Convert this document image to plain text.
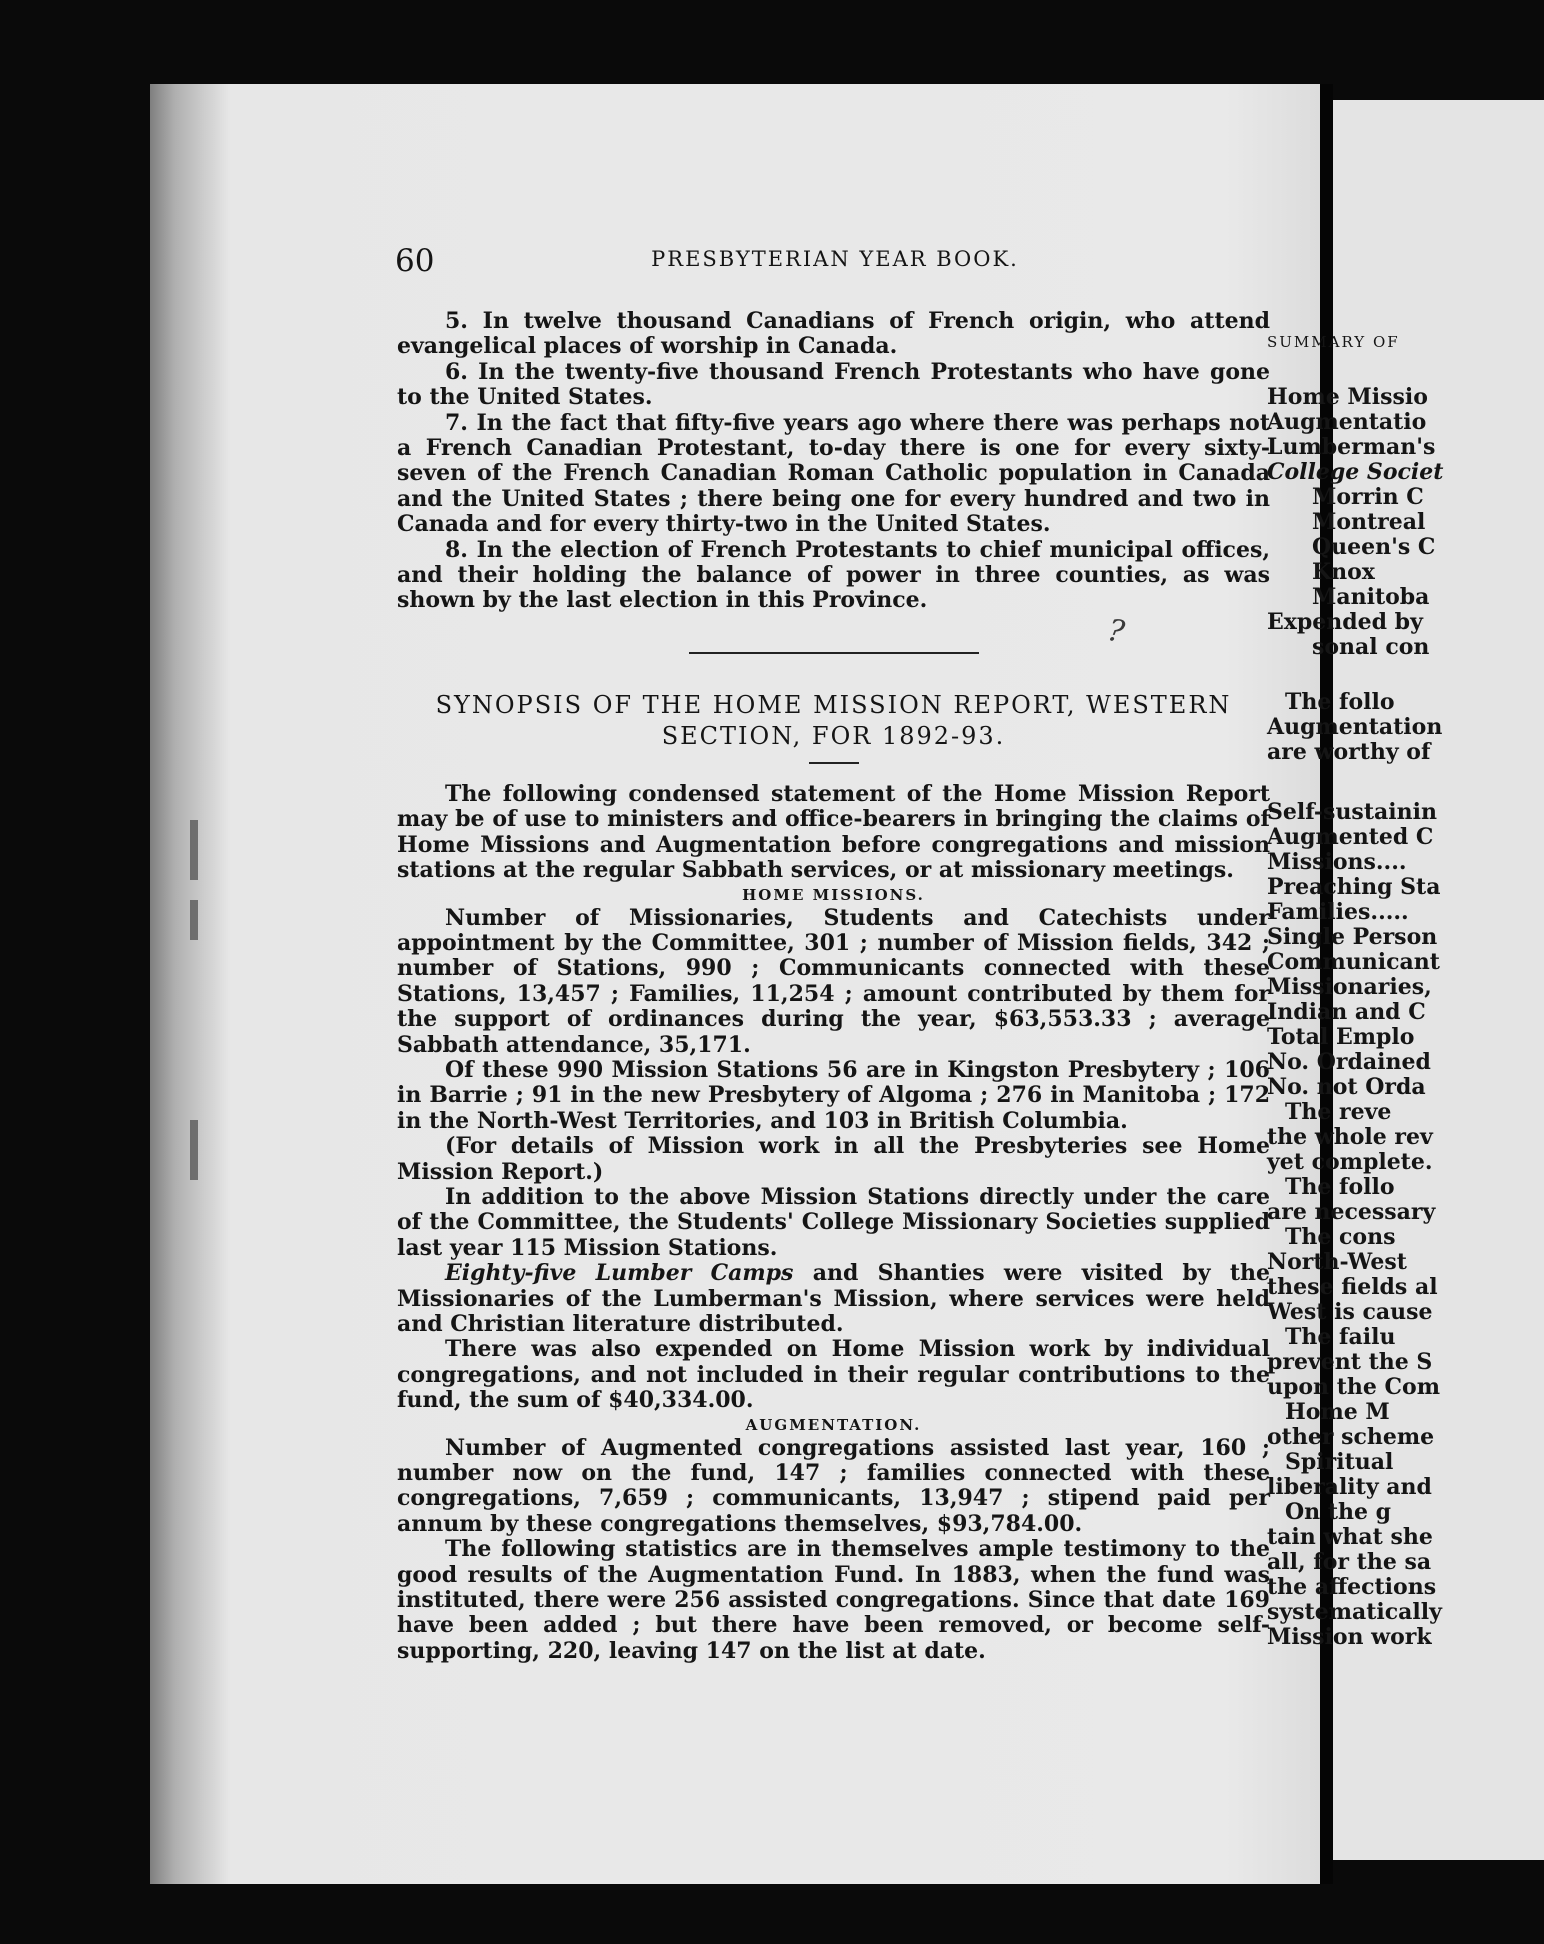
60	PRESBYTERIAN YEAR BOOK.
?

5. In twelve thousand Canadians of French origin, who attend evangelical places of worship in Canada.

6. In the twenty-five thousand French Protestants who have gone to the United States.

7. In the fact that fifty-five years ago where there was perhaps not a French Canadian Protestant, to-day there is one for every sixty-seven of the French Canadian Roman Catholic population in Canada and the United States ; there being one for every hundred and two in Canada and for every thirty-two in the United States.

8. In the election of French Protestants to chief municipal offices, and their holding the balance of power in three counties, as was shown by the last election in this Province.

SYNOPSIS OF THE HOME MISSION REPORT, WESTERN

SECTION, FOR 1892-93.

The following condensed statement of the Home Mission Report may be of use to ministers and office-bearers in bringing the claims of Home Missions and Augmentation before congregations and mission stations at the regular Sabbath services, or at missionary meetings.

HOME MISSIONS.

Number of Missionaries, Students and Catechists under appointment by the Committee, 301 ; number of Mission fields, 342 ; number of Stations, 990 ; Communicants connected with these Stations, 13,457 ; Families, 11,254 ; amount contributed by them for the support of ordinances during the year, $63,553.33 ; average Sabbath attendance, 35,171.

Of these 990 Mission Stations 56 are in Kingston Presbytery ; 106 in Barrie ; 91 in the new Presbytery of Algoma ; 276 in Manitoba ; 172 in the North-West Territories, and 103 in British Columbia.

(For details of Mission work in all the Presbyteries see Home Mission Report.)

In addition to the above Mission Stations directly under the care of the Committee, the Students' College Missionary Societies supplied last year 115 Mission Stations.

Eighty-five Lumber Camps and Shanties were visited by the Missionaries of the Lumberman's Mission, where services were held and Christian literature distributed.

There was also expended on Home Mission work by individual congregations, and not included in their regular contributions to the fund, the sum of $40,334.00.

AUGMENTATION.

Number of Augmented congregations assisted last year, 160 ; number now on the fund, 147 ; families connected with these congregations, 7,659 ; communicants, 13,947 ; stipend paid per annum by these congregations themselves, $93,784.00.

The following statistics are in themselves ample testimony to the good results of the Augmentation Fund. In 1883, when the fund was instituted, there were 256 assisted congregations. Since that date 169 have been added ; but there have been removed, or become self-supporting, 220, leaving 147 on the list at date.

SUMMARY OF
Home Missio
Augmentatio
Lumberman's
College Societ
Morrin C
Montreal
Queen's C
Knox
Manitoba
Expended by
sonal con
The follo
Augmentation
are worthy of
Self-sustainin
Augmented C
Missions....
Preaching Sta
Families.....
Single Person
Communicant
Missionaries,
Indian and C
Total Emplo
No. Ordained
No. not Orda
The reve
the whole rev
yet complete.
The follo
are necessary
The cons
North-West
these fields al
West is cause
The failu
prevent the S
upon the Com
Home M
other scheme
Spiritual
liberality and
On the g
tain what she
all, for the sa
the affections
systematically
Mission work
